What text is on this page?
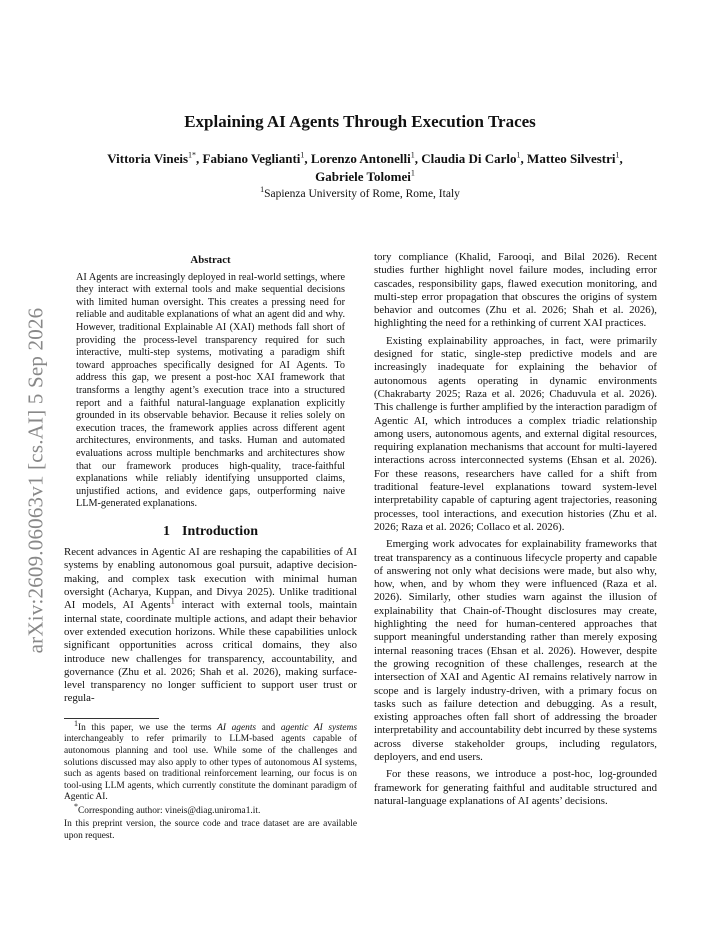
arXiv:2609.06063v1 [cs.AI] 5 Sep 2026
Explaining AI Agents Through Execution Traces
Vittoria Vineis$^{1*}$, Fabiano Veglianti$^1$, Lorenzo Antonelli$^1$, Claudia Di Carlo$^1$, Matteo Silvestri$^1$,
Gabriele Tolomei$^1$
$^1$Sapienza University of Rome, Rome, Italy
Abstract

AI Agents are increasingly deployed in real-world settings, where they interact with external tools and make sequential decisions with limited human oversight. This creates a pressing need for reliable and auditable explanations of what an agent did and why. However, traditional Explainable AI (XAI) methods fall short of providing the process-level transparency required for such interactive, multi-step systems, motivating a paradigm shift toward approaches specifically designed for AI Agents. To address this gap, we present a post-hoc XAI framework that transforms a lengthy agent’s execution trace into a structured report and a faithful natural-language explanation explicitly grounded in its observable behavior. Because it relies solely on execution traces, the framework applies across different agent architectures, environments, and tasks. Human and automated evaluations across multiple benchmarks and architectures show that our framework produces high-quality, trace-faithful explanations while reliably identifying unsupported claims, unjustified actions, and evidence gaps, outperforming naive LLM-generated explanations.

1 Introduction

Recent advances in Agentic AI are reshaping the capabilities of AI systems by enabling autonomous goal pursuit, adaptive decision-making, and complex task execution with minimal human oversight (Acharya, Kuppan, and Divya 2025). Unlike traditional AI models, AI Agents$^1$ interact with external tools, maintain internal state, coordinate multiple actions, and adapt their behavior over extended execution horizons. While these capabilities unlock significant opportunities across critical domains, they also introduce new challenges for transparency, accountability, and governance (Zhu et al. 2026; Shah et al. 2026), making surface-level transparency no longer sufficient to support user trust or regula-

$^1$In this paper, we use the terms AI agents and agentic AI systems interchangeably to refer primarily to LLM-based agents capable of autonomous planning and tool use. While some of the challenges and solutions discussed may also apply to other types of autonomous AI systems, such as agents based on traditional reinforcement learning, our focus is on tool-using LLM agents, which currently constitute the dominant paradigm of Agentic AI.
*Corresponding author: vineis@diag.uniroma1.it.
In this preprint version, the source code and trace dataset are are available upon request.

tory compliance (Khalid, Farooqi, and Bilal 2026). Recent studies further highlight novel failure modes, including error cascades, responsibility gaps, flawed execution monitoring, and multi-step error propagation that obscures the origins of system behavior and outcomes (Zhu et al. 2026; Shah et al. 2026), highlighting the need for a rethinking of current XAI practices.

Existing explainability approaches, in fact, were primarily designed for static, single-step predictive models and are increasingly inadequate for explaining the behavior of autonomous agents operating in dynamic environments (Chakrabarty 2025; Raza et al. 2026; Chaduvula et al. 2026). This challenge is further amplified by the interaction paradigm of Agentic AI, which introduces a complex triadic relationship among users, autonomous agents, and external digital resources, requiring explanation mechanisms that account for multi-layered interactions across interconnected systems (Ehsan et al. 2026). For these reasons, researchers have called for a shift from traditional feature-level explanations toward system-level interpretability capable of capturing agent trajectories, reasoning processes, tool interactions, and execution histories (Zhu et al. 2026; Raza et al. 2026; Collaco et al. 2026).

Emerging work advocates for explainability frameworks that treat transparency as a continuous lifecycle property and capable of answering not only what decisions were made, but also why, how, when, and by whom they were influenced (Raza et al. 2026). Similarly, other studies warn against the illusion of explainability that Chain-of-Thought disclosures may create, highlighting the need for human-centered approaches that support meaningful understanding rather than merely exposing internal reasoning traces (Ehsan et al. 2026). However, despite the growing recognition of these challenges, research at the intersection of XAI and Agentic AI remains relatively narrow in scope and is largely industry-driven, with a primary focus on tasks such as failure detection and debugging. As a result, existing approaches often fall short of addressing the broader interpretability and accountability debt incurred by these systems across diverse stakeholder groups, including regulators, deployers, and end users.

For these reasons, we introduce a post-hoc, log-grounded framework for generating faithful and auditable structured and natural-language explanations of AI agents’ decisions.
